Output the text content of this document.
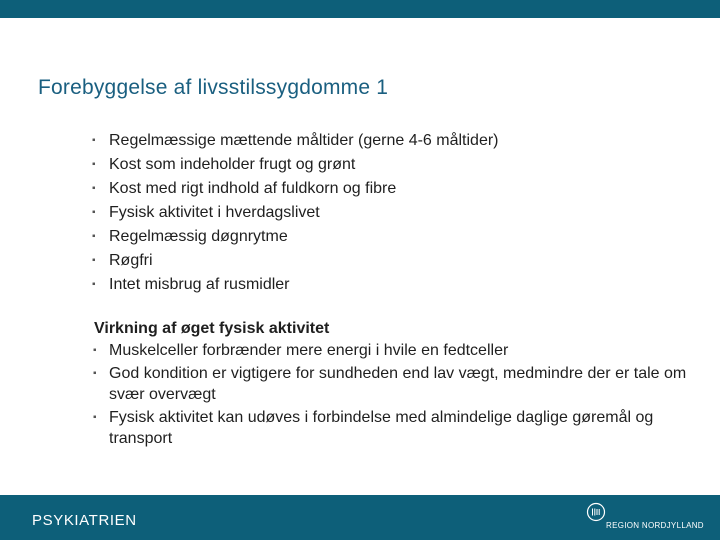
Forebyggelse af livsstilssygdomme 1
▪ Regelmæssige mættende måltider (gerne 4-6 måltider)
▪ Kost som indeholder frugt og grønt
▪ Kost med rigt indhold af fuldkorn og fibre
▪ Fysisk aktivitet i hverdagslivet
▪ Regelmæssig døgnrytme
▪ Røgfri
▪ Intet misbrug af rusmidler
Virkning af øget fysisk aktivitet
▪ Muskelceller forbrænder mere energi i hvile en fedtceller
▪ God kondition er vigtigere for sundheden end lav vægt, medmindre der er tale om svær overvægt
▪ Fysisk aktivitet kan udøves i forbindelse med almindelige daglige gøremål og transport
PSYKIATRIEN	REGION NORDJYLLAND
